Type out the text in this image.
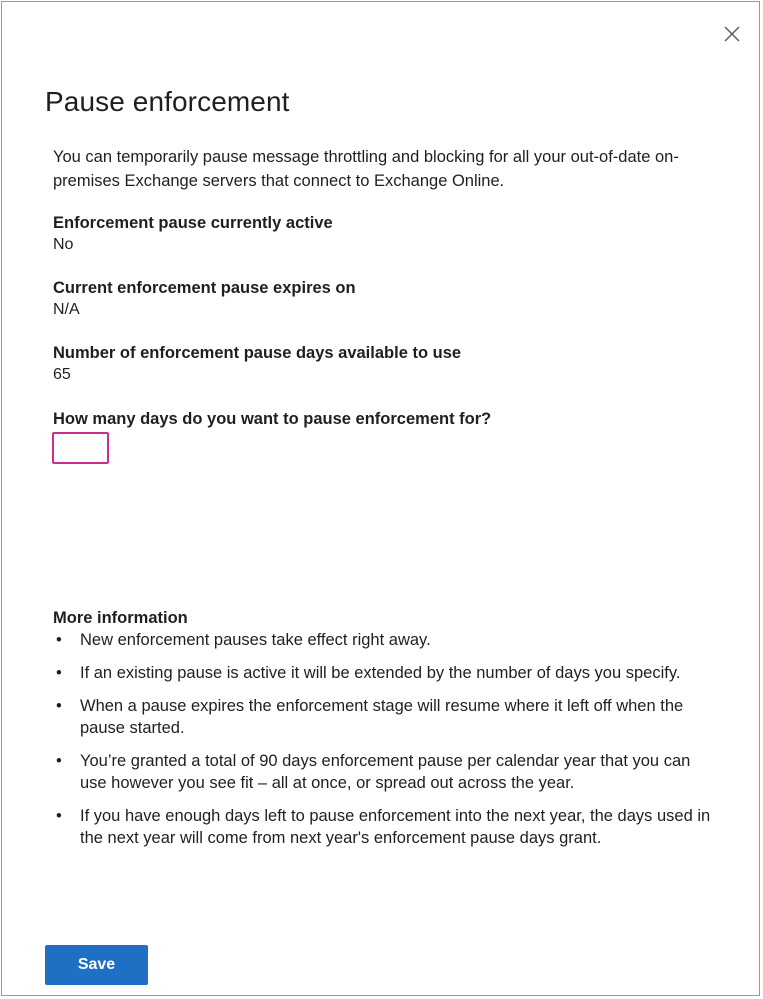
Pause enforcement

You can temporarily pause message throttling and blocking for all your out-of-date on-premises Exchange servers that connect to Exchange Online.

Enforcement pause currently active
No
Current enforcement pause expires on
N/A
Number of enforcement pause days available to use
65
How many days do you want to pause enforcement for?
More information
• New enforcement pauses take effect right away.
• If an existing pause is active it will be extended by the number of days you specify.
• When a pause expires the enforcement stage will resume where it left off when the pause started.
• You’re granted a total of 90 days enforcement pause per calendar year that you can use however you see fit – all at once, or spread out across the year.
• If you have enough days left to pause enforcement into the next year, the days used in the next year will come from next year's enforcement pause days grant.
Save
